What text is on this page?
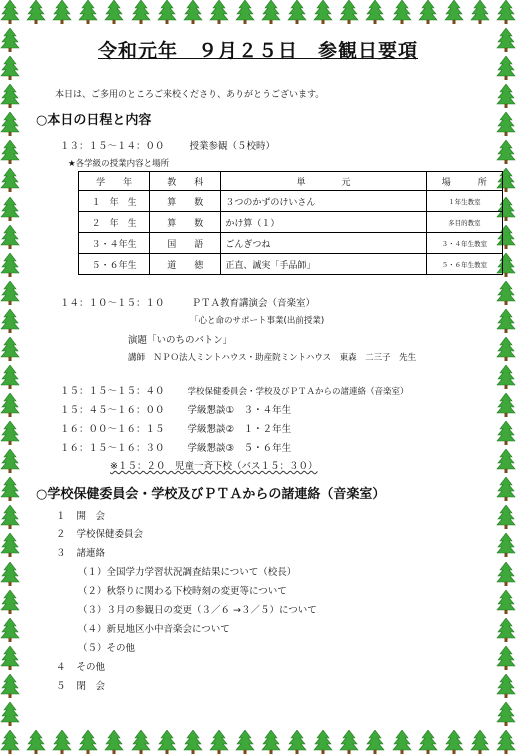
令和元年　９月２５日　参観日要項
本日は、ご多用のところご来校くださり、ありがとうございます。
○本日の日程と内容
１３：１５～１４：００	授業参観（５校時）
★各学級の授業内容と場所
学　　年	教　　科	単　　　　元	場　　　所
１　年　生	算　　数	３つのかずのけいさん	１年生教室
２　年　生	算　　数	かけ算（１）	多目的教室
３・４年生	国　　語	ごんぎつね	３・４年生教室
５・６年生	道　　徳	正直、誠実「手品師」	５・６年生教室
１４：１０～１５：１０	ＰＴＡ教育講演会（音楽室）
「心と命のサポート事業(出前授業)
演題「いのちのバトン」
講師　ＮＰＯ法人ミントハウス・助産院ミントハウス　東森　二三子　先生
１５：１５～１５：４０	学校保健委員会・学校及びＰＴＡからの諸連絡（音楽室）
１５：４５～１６：００ 学級懇談①　３・４年生
１６：００～１６：１５ 学級懇談②　１・２年生
１６：１５～１６：３０ 学級懇談③　５・６年生
※１５：２０　児童一斉下校（バス１５：３０）
○学校保健委員会・学校及びＰＴＡからの諸連絡（音楽室）
１ 開　会
２ 学校保健委員会
３ 諸連絡
（１）全国学力学習状況調査結果について（校長）
（２）秋祭りに関わる下校時刻の変更等について
（３）３月の参観日の変更（３／６ →３／５）について
（４）新見地区小中音楽会について
（５）その他
４ その他
５ 閉　会
